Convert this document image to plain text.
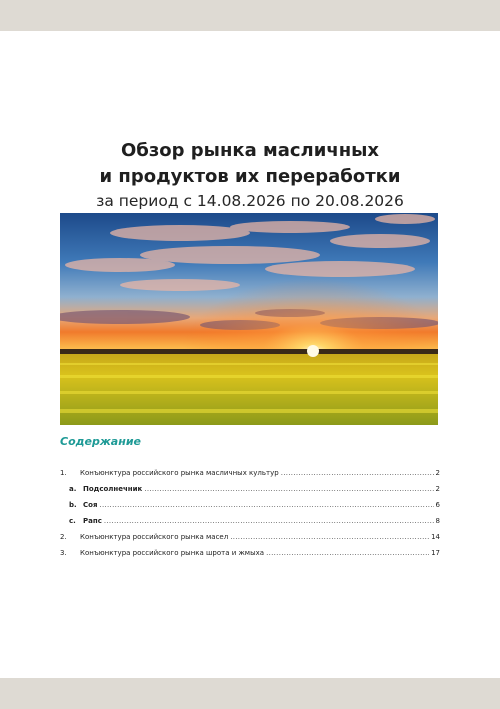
Обзор рынка масличных
и продуктов их переработки
за период с 14.08.2026 по 20.08.2026
Содержание
1.	Конъюнктура российского рынка масличных культур .....	2
a. Подсолнечник .....	2
b. Соя .....	6
c.	Рапс .....	8
2.	Конъюнктура российского рынка масел .....	14
3.	Конъюнктура российского рынка шрота и жмыха .....	17
